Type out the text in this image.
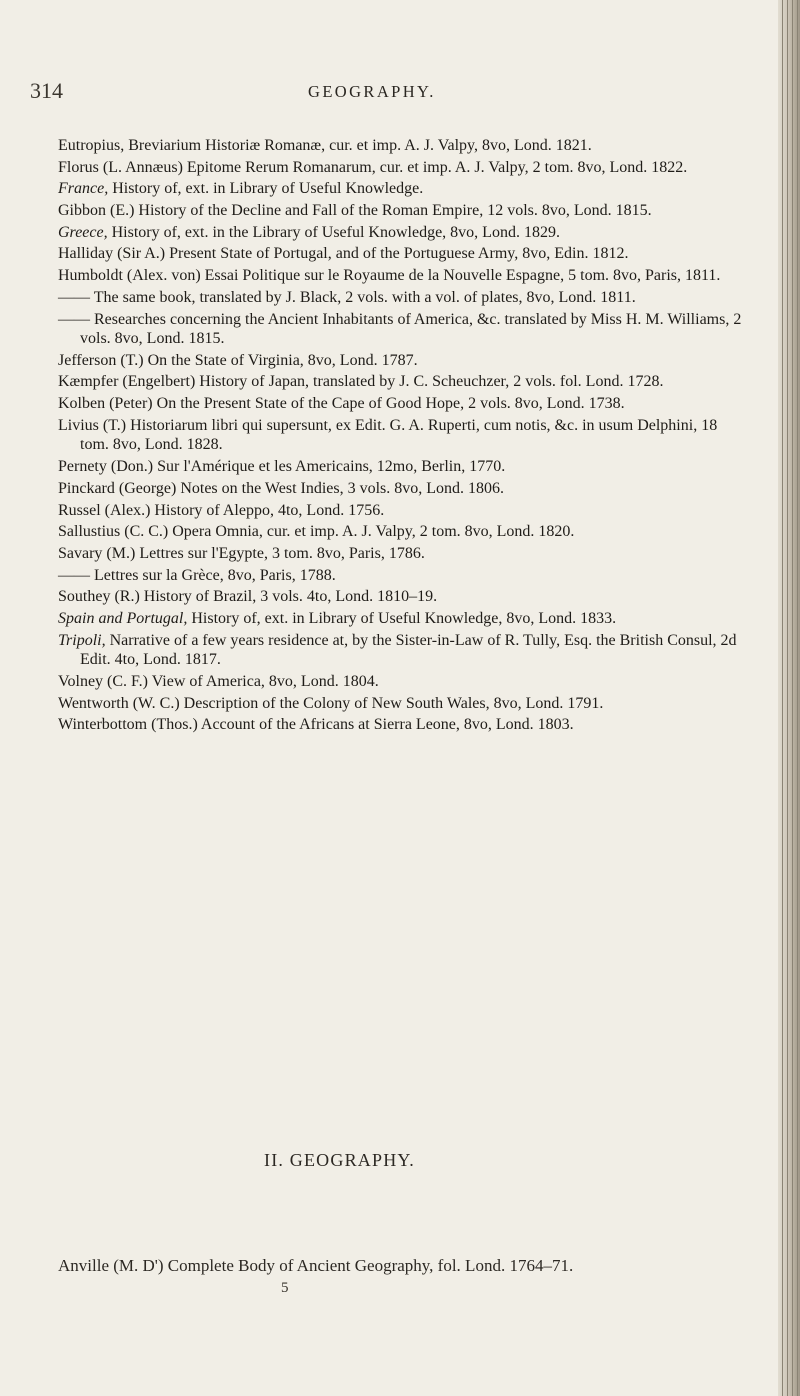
314	GEOGRAPHY.
Eutropius, Breviarium Historiæ Romanæ, cur. et imp. A. J. Valpy, 8vo, Lond. 1821.
Florus (L. Annæus) Epitome Rerum Romanarum, cur. et imp. A. J. Valpy, 2 tom. 8vo, Lond. 1822.
France, History of, ext. in Library of Useful Knowledge.
Gibbon (E.) History of the Decline and Fall of the Roman Empire, 12 vols. 8vo, Lond. 1815.
Greece, History of, ext. in the Library of Useful Knowledge, 8vo, Lond. 1829.
Halliday (Sir A.) Present State of Portugal, and of the Portuguese Army, 8vo, Edin. 1812.
Humboldt (Alex. von) Essai Politique sur le Royaume de la Nouvelle Espagne, 5 tom. 8vo, Paris, 1811.
—— The same book, translated by J. Black, 2 vols. with a vol. of plates, 8vo, Lond. 1811.
—— Researches concerning the Ancient Inhabitants of America, &c. translated by Miss H. M. Williams, 2 vols. 8vo, Lond. 1815.
Jefferson (T.) On the State of Virginia, 8vo, Lond. 1787.
Kæmpfer (Engelbert) History of Japan, translated by J. C. Scheuchzer, 2 vols. fol. Lond. 1728.
Kolben (Peter) On the Present State of the Cape of Good Hope, 2 vols. 8vo, Lond. 1738.
Livius (T.) Historiarum libri qui supersunt, ex Edit. G. A. Ruperti, cum notis, &c. in usum Delphini, 18 tom. 8vo, Lond. 1828.
Pernety (Don.) Sur l'Amérique et les Americains, 12mo, Berlin, 1770.
Pinckard (George) Notes on the West Indies, 3 vols. 8vo, Lond. 1806.
Russel (Alex.) History of Aleppo, 4to, Lond. 1756.
Sallustius (C. C.) Opera Omnia, cur. et imp. A. J. Valpy, 2 tom. 8vo, Lond. 1820.
Savary (M.) Lettres sur l'Egypte, 3 tom. 8vo, Paris, 1786.
—— Lettres sur la Grèce, 8vo, Paris, 1788.
Southey (R.) History of Brazil, 3 vols. 4to, Lond. 1810–19.
Spain and Portugal, History of, ext. in Library of Useful Knowledge, 8vo, Lond. 1833.
Tripoli, Narrative of a few years residence at, by the Sister-in-Law of R. Tully, Esq. the British Consul, 2d Edit. 4to, Lond. 1817.
Volney (C. F.) View of America, 8vo, Lond. 1804.
Wentworth (W. C.) Description of the Colony of New South Wales, 8vo, Lond. 1791.
Winterbottom (Thos.) Account of the Africans at Sierra Leone, 8vo, Lond. 1803.
II. GEOGRAPHY.

Anville (M. D') Complete Body of Ancient Geography, fol. Lond. 1764–71.

5
